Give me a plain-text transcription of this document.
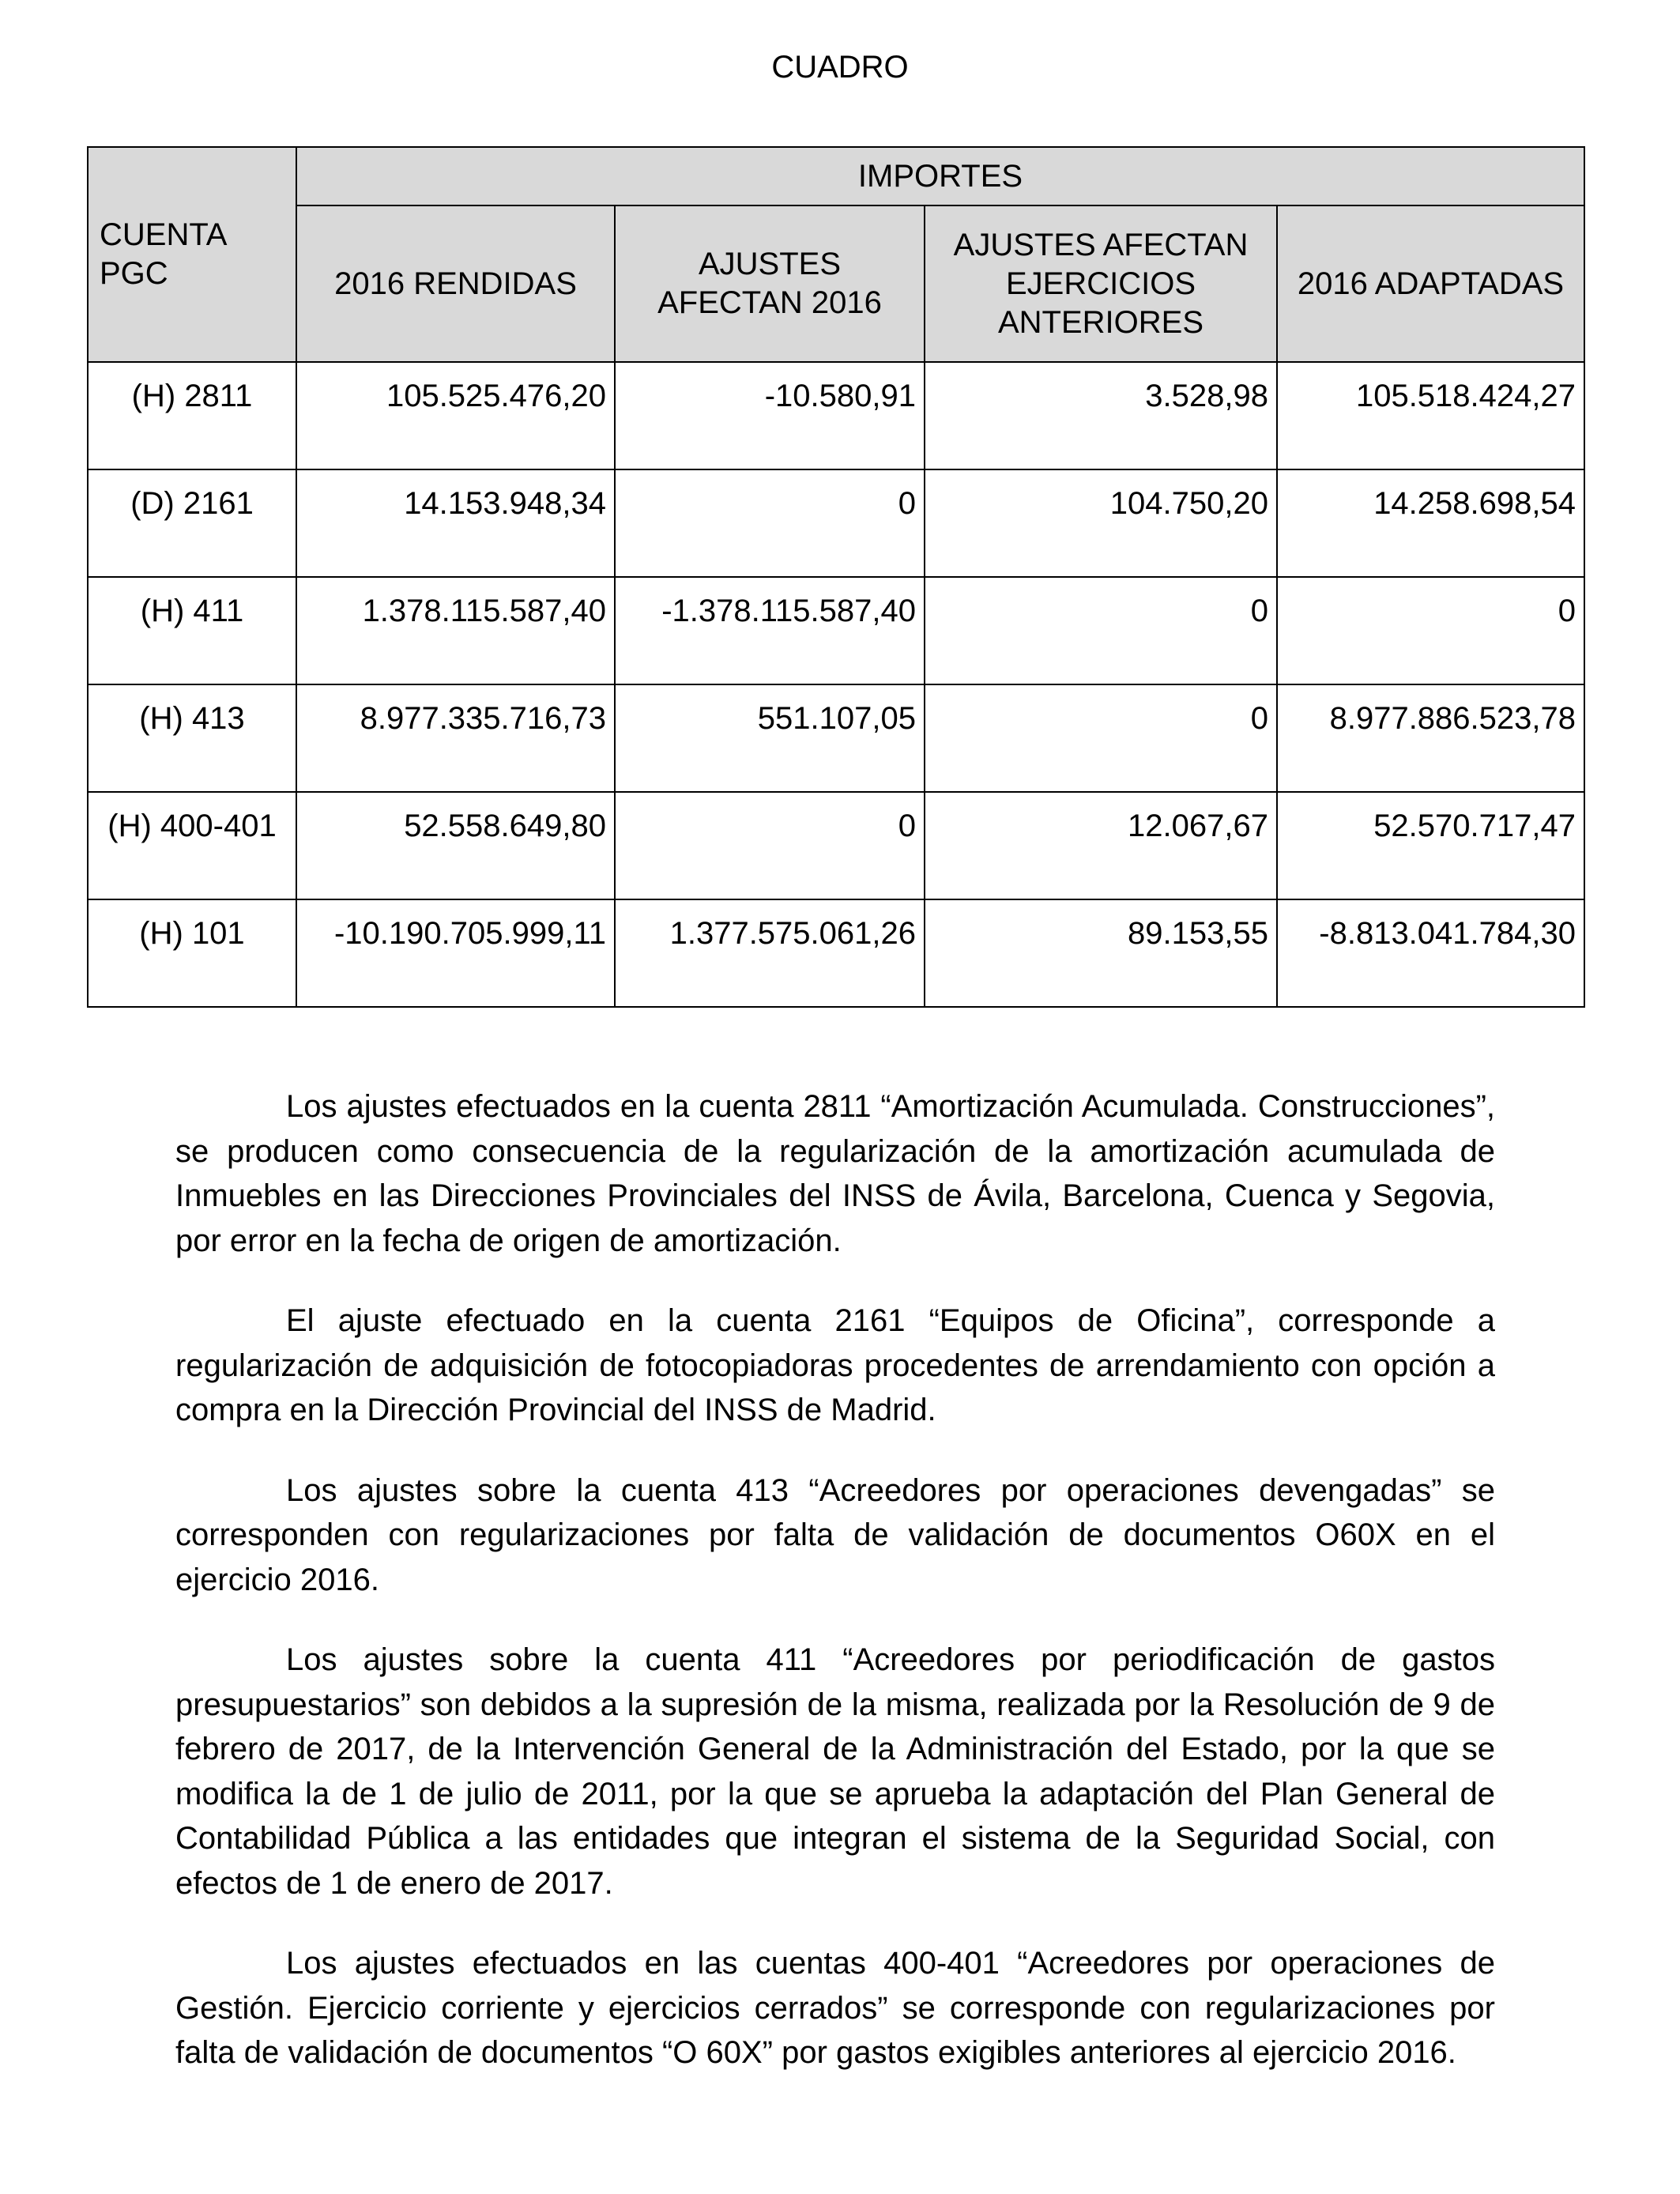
CUADRO
CUENTA PGC	IMPORTES			
	2016 RENDIDAS	AJUSTES AFECTAN 2016	AJUSTES AFECTAN EJERCICIOS ANTERIORES	2016 ADAPTADAS
(H) 2811	105.525.476,20	-10.580,91	3.528,98	105.518.424,27
(D) 2161	14.153.948,34	0	104.750,20	14.258.698,54
(H) 411	1.378.115.587,40	-1.378.115.587,40	0	0
(H) 413	8.977.335.716,73	551.107,05	0	8.977.886.523,78
(H) 400-401	52.558.649,80	0	12.067,67	52.570.717,47
(H) 101	-10.190.705.999,11	1.377.575.061,26	89.153,55	-8.813.041.784,30

Los ajustes efectuados en la cuenta 2811 “Amortización Acumulada. Construcciones”, se producen como consecuencia de la regularización de la amortización acumulada de Inmuebles en las Direcciones Provinciales del INSS de Ávila, Barcelona, Cuenca y Segovia, por error en la fecha de origen de amortización.

El ajuste efectuado en la cuenta 2161 “Equipos de Oficina”, corresponde a regularización de adquisición de fotocopiadoras procedentes de arrendamiento con opción a compra en la Dirección Provincial del INSS de Madrid.

Los ajustes sobre la cuenta 413 “Acreedores por operaciones devengadas” se corresponden con regularizaciones por falta de validación de documentos O60X en el ejercicio 2016.

Los ajustes sobre la cuenta 411 “Acreedores por periodificación de gastos presupuestarios” son debidos a la supresión de la misma, realizada por la Resolución de 9 de febrero de 2017, de la Intervención General de la Administración del Estado, por la que se modifica la de 1 de julio de 2011, por la que se aprueba la adaptación del Plan General de Contabilidad Pública a las entidades que integran el sistema de la Seguridad Social, con efectos de 1 de enero de 2017.

Los ajustes efectuados en las cuentas 400-401 “Acreedores por operaciones de Gestión. Ejercicio corriente y ejercicios cerrados” se corresponde con regularizaciones por falta de validación de documentos “O 60X” por gastos exigibles anteriores al ejercicio 2016.
